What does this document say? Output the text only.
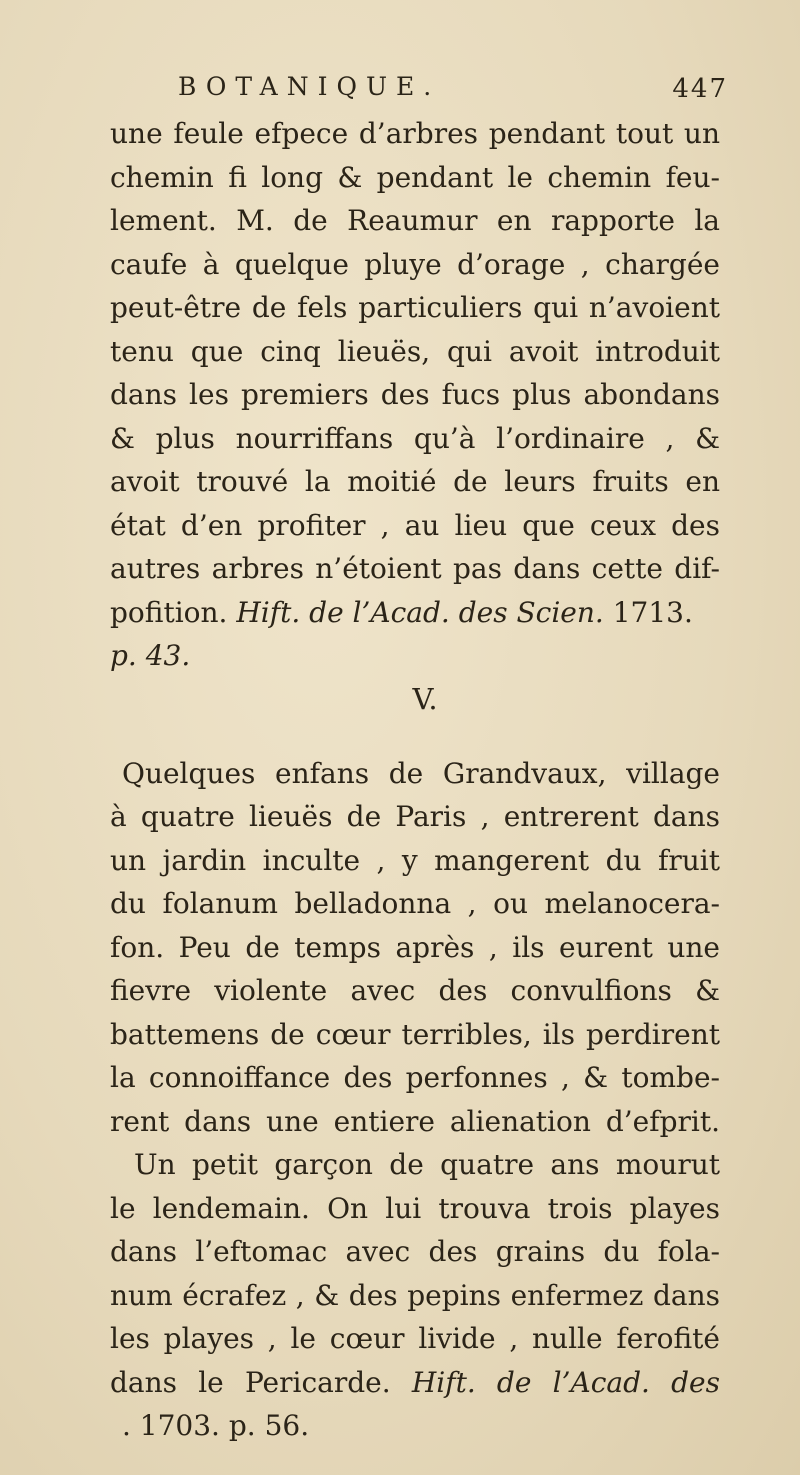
BOTANIQUE.	447
une feule efpece d’arbres pendant tout un
chemin fi long & pendant le chemin feu-
lement. M. de Reaumur en rapporte la
caufe à quelque pluye d’orage , chargée
peut-être de fels particuliers qui n’avoient
tenu que cinq lieuës, qui avoit introduit
dans les premiers des fucs plus abondans
& plus nourriffans qu’à l’ordinaire , &
avoit trouvé la moitié de leurs fruits en
état d’en profiter , au lieu que ceux des
autres arbres n’étoient pas dans cette dif-
pofition. Hift. de l’Acad. des Scien. 1713.
p. 43.
V.
Quelques enfans de Grandvaux, village
à quatre lieuës de Paris , entrerent dans
un jardin inculte , y mangerent du fruit
du folanum belladonna , ou melanocera-
fon. Peu de temps après , ils eurent une
fievre violente avec des convulfions &
battemens de cœur terribles, ils perdirent
la connoiffance des perfonnes , & tombe-
rent dans une entiere alienation d’efprit.
Un petit garçon de quatre ans mourut
le lendemain. On lui trouva trois playes
dans l’eftomac avec des grains du fola-
num écrafez , & des pepins enfermez dans
les playes , le cœur livide , nulle ferofité
dans le Pericarde. Hift. de l’Acad. des
. 1703. p. 56.
